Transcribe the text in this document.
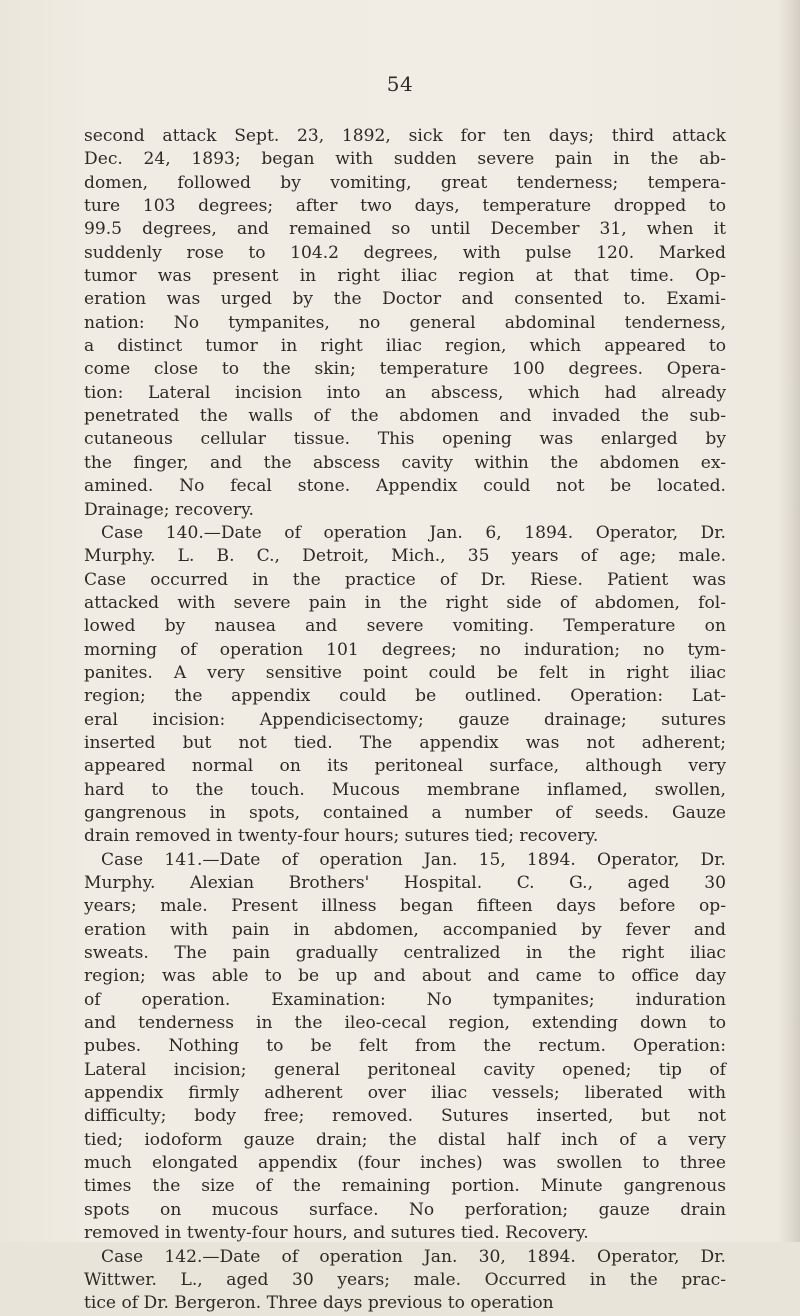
54
second attack Sept. 23, 1892, sick for ten days; third attack
Dec. 24, 1893; began with sudden severe pain in the ab-
domen, followed by vomiting, great tenderness; tempera-
ture 103 degrees; after two days, temperature dropped to
99.5 degrees, and remained so until December 31, when it
suddenly rose to 104.2 degrees, with pulse 120. Marked
tumor was present in right iliac region at that time. Op-
eration was urged by the Doctor and consented to. Exami-
nation: No tympanites, no general abdominal tenderness,
a distinct tumor in right iliac region, which appeared to
come close to the skin; temperature 100 degrees. Opera-
tion: Lateral incision into an abscess, which had already
penetrated the walls of the abdomen and invaded the sub-
cutaneous cellular tissue. This opening was enlarged by
the finger, and the abscess cavity within the abdomen ex-
amined. No fecal stone. Appendix could not be located.
Drainage; recovery.
Case 140.—Date of operation Jan. 6, 1894. Operator, Dr.
Murphy. L. B. C., Detroit, Mich., 35 years of age; male.
Case occurred in the practice of Dr. Riese. Patient was
attacked with severe pain in the right side of abdomen, fol-
lowed by nausea and severe vomiting. Temperature on
morning of operation 101 degrees; no induration; no tym-
panites. A very sensitive point could be felt in right iliac
region; the appendix could be outlined. Operation: Lat-
eral incision: Appendicisectomy; gauze drainage; sutures
inserted but not tied. The appendix was not adherent;
appeared normal on its peritoneal surface, although very
hard to the touch. Mucous membrane inflamed, swollen,
gangrenous in spots, contained a number of seeds. Gauze
drain removed in twenty-four hours; sutures tied; recovery.
Case 141.—Date of operation Jan. 15, 1894. Operator, Dr.
Murphy. Alexian Brothers' Hospital. C. G., aged 30
years; male. Present illness began fifteen days before op-
eration with pain in abdomen, accompanied by fever and
sweats. The pain gradually centralized in the right iliac
region; was able to be up and about and came to office day
of operation. Examination: No tympanites; induration
and tenderness in the ileo-cecal region, extending down to
pubes. Nothing to be felt from the rectum. Operation:
Lateral incision; general peritoneal cavity opened; tip of
appendix firmly adherent over iliac vessels; liberated with
difficulty; body free; removed. Sutures inserted, but not
tied; iodoform gauze drain; the distal half inch of a very
much elongated appendix (four inches) was swollen to three
times the size of the remaining portion. Minute gangrenous
spots on mucous surface. No perforation; gauze drain
removed in twenty-four hours, and sutures tied. Recovery.
Case 142.—Date of operation Jan. 30, 1894. Operator, Dr.
Wittwer. L., aged 30 years; male. Occurred in the prac-
tice of Dr. Bergeron. Three days previous to operation
